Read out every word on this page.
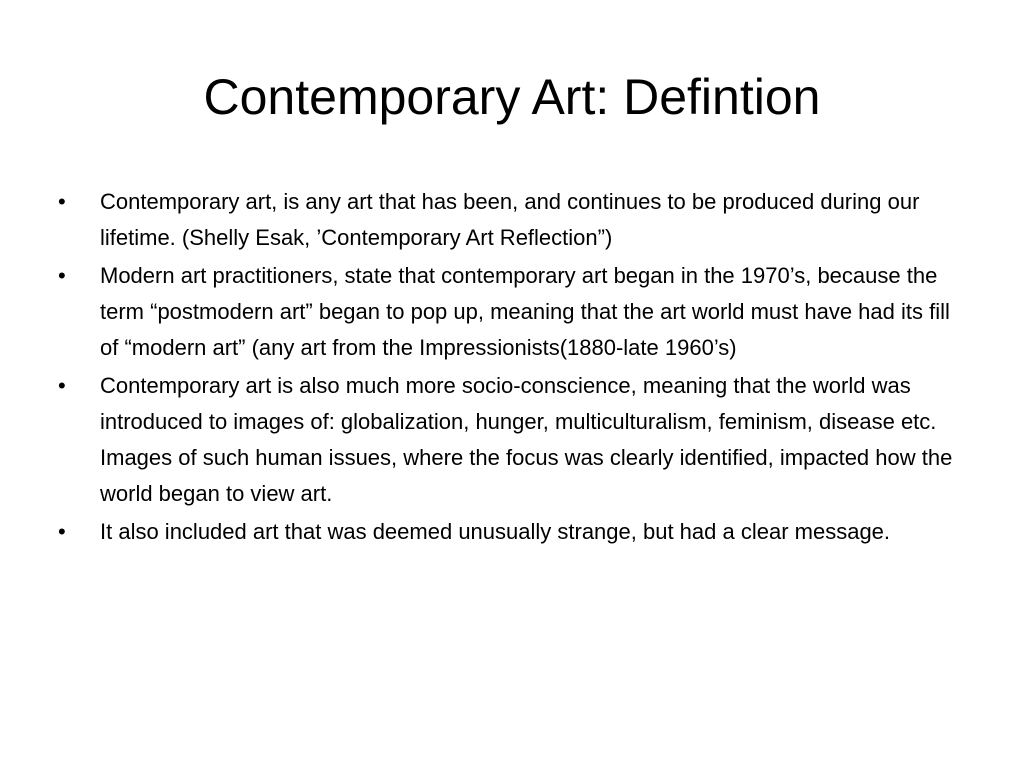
Contemporary Art: Defintion
•	Contemporary art, is any art that has been, and continues to be produced during our lifetime. (Shelly Esak, ’Contemporary Art Reflection”)
•	Modern art practitioners, state that contemporary art began in the 1970’s, because the term “postmodern art” began to pop up, meaning that the art world must have had its fill of “modern art” (any art from the Impressionists(1880-late 1960’s)
•	Contemporary art is also much more socio-conscience, meaning that the world was introduced to images of: globalization, hunger, multiculturalism, feminism, disease etc. Images of such human issues, where the focus was clearly identified, impacted how the world began to view art.
•	It also included art that was deemed unusually strange, but had a clear message.
